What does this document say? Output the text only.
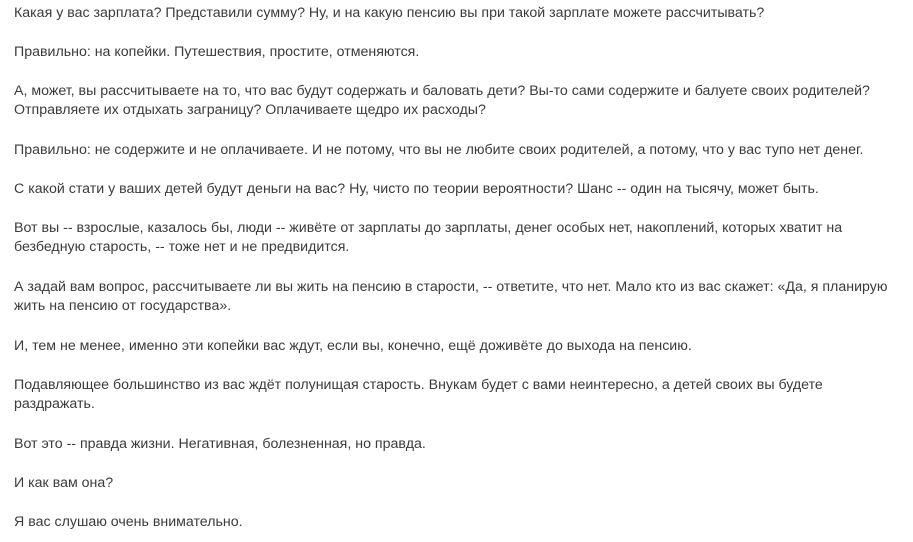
Какая у вас зарплата? Представили сумму? Ну, и на какую пенсию вы при такой зарплате можете рассчитывать?

Правильно: на копейки. Путешествия, простите, отменяются.

А, может, вы рассчитываете на то, что вас будут содержать и баловать дети? Вы-то сами содержите и балуете своих родителей? Отправляете их отдыхать заграницу? Оплачиваете щедро их расходы?

Правильно: не содержите и не оплачиваете. И не потому, что вы не любите своих родителей, а потому, что у вас тупо нет денег.

С какой стати у ваших детей будут деньги на вас? Ну, чисто по теории вероятности? Шанс -- один на тысячу, может быть.

Вот вы -- взрослые, казалось бы, люди -- живёте от зарплаты до зарплаты, денег особых нет, накоплений, которых хватит на безбедную старость, -- тоже нет и не предвидится.

А задай вам вопрос, рассчитываете ли вы жить на пенсию в старости, -- ответите, что нет. Мало кто из вас скажет: «Да, я планирую жить на пенсию от государства».

И, тем не менее, именно эти копейки вас ждут, если вы, конечно, ещё доживёте до выхода на пенсию.

Подавляющее большинство из вас ждёт полунищая старость. Внукам будет с вами неинтересно, а детей своих вы будете раздражать.

Вот это -- правда жизни. Негативная, болезненная, но правда.

И как вам она?

Я вас слушаю очень внимательно.
